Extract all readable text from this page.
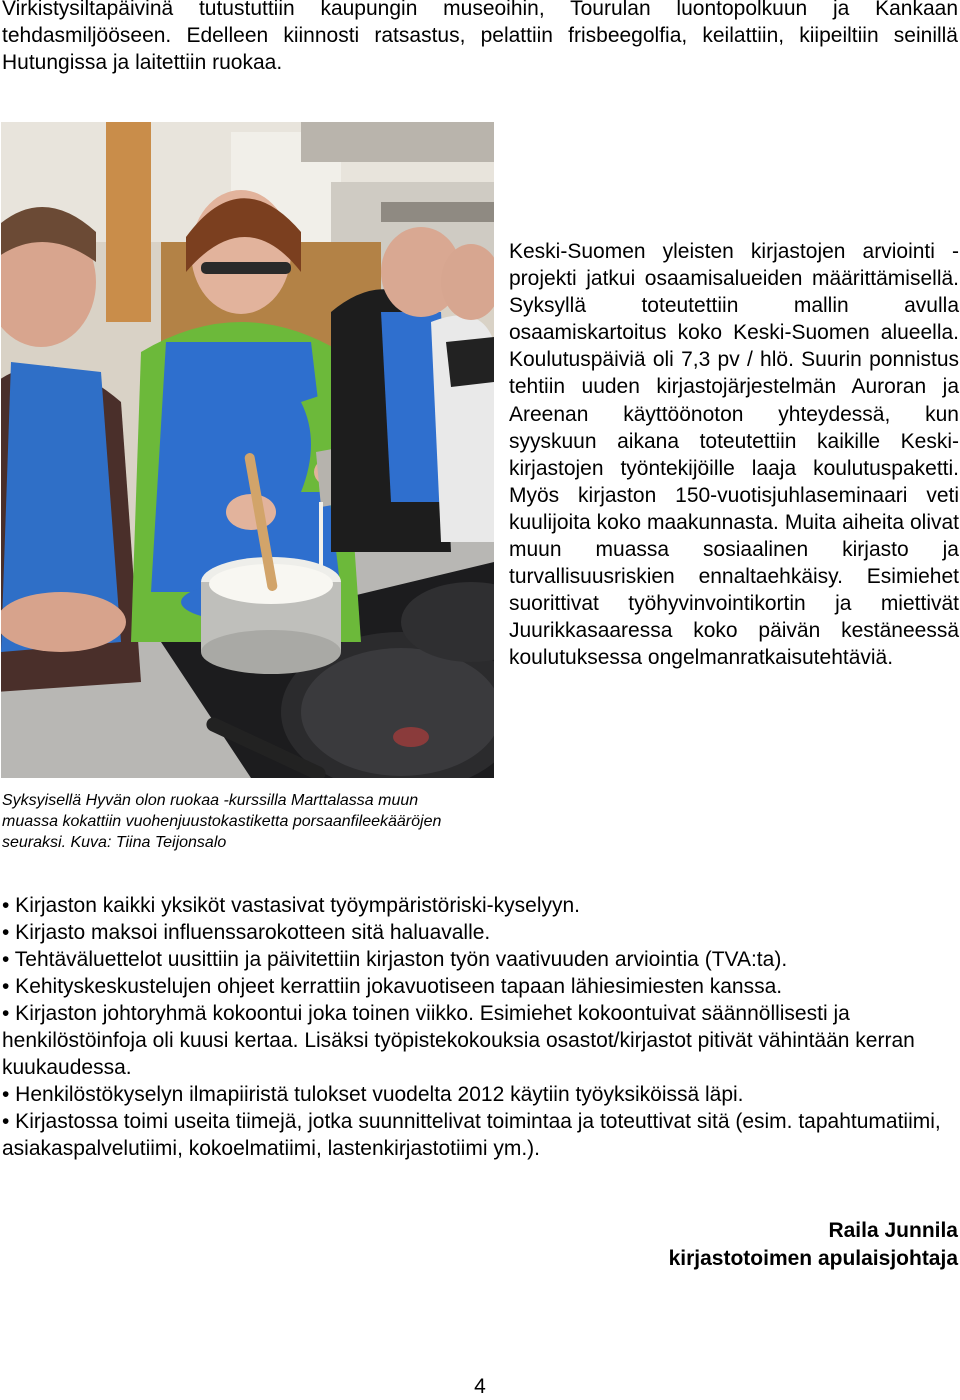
Virkistysiltapäivinä tutustuttiin kaupungin museoihin, Tourulan luontopolkuun ja Kankaan tehdasmiljööseen. Edelleen kiinnosti ratsastus, pelattiin frisbeegolfia, keilattiin, kiipeiltiin seinillä Hutungissa ja laitettiin ruokaa.

Keski-Suomen yleisten kirjastojen arviointi -projekti jatkui osaamisalueiden määrittämisellä. Syksyllä toteutettiin mallin avulla osaamiskartoitus koko Keski-Suomen alueella. Koulutuspäiviä oli 7,3 pv / hlö. Suurin ponnistus tehtiin uuden kirjastojärjestelmän Auroran ja Areenan käyttöönoton yhteydessä, kun syyskuun aikana toteutettiin kaikille Keski-kirjastojen työntekijöille laaja koulutuspaketti. Myös kirjaston 150-vuotisjuhlaseminaari veti kuulijoita koko maakunnasta. Muita aiheita olivat muun muassa sosiaalinen kirjasto ja turvallisuusriskien ennaltaehkäisy. Esimiehet suorittivat työhyvinvointikortin ja miettivät Juurikkasaaressa koko päivän kestäneessä koulutuksessa ongelmanratkaisutehtäviä.

Syksyisellä Hyvän olon ruokaa -kurssilla Marttalassa muun muassa kokattiin vuohenjuustokastiketta porsaanfileekääröjen seuraksi. Kuva: Tiina Teijonsalo

• Kirjaston kaikki yksiköt vastasivat työympäristöriski-kyselyyn.
• Kirjasto maksoi influenssarokotteen sitä haluavalle.
• Tehtäväluettelot uusittiin ja päivitettiin kirjaston työn vaativuuden arviointia (TVA:ta).
• Kehityskeskustelujen ohjeet kerrattiin jokavuotiseen tapaan lähiesimiesten kanssa.
• Kirjaston johtoryhmä kokoontui joka toinen viikko. Esimiehet kokoontuivat säännöllisesti ja henkilöstöinfoja oli kuusi kertaa. Lisäksi työpistekokouksia osastot/kirjastot pitivät vähintään kerran kuukaudessa.
• Henkilöstökyselyn ilmapiiristä tulokset vuodelta 2012 käytiin työyksiköissä läpi.
• Kirjastossa toimi useita tiimejä, jotka suunnittelivat toimintaa ja toteuttivat sitä (esim. tapahtumatiimi, asiakaspalvelutiimi, kokoelmatiimi, lastenkirjastotiimi ym.).
Raila Junnila
kirjastotoimen apulaisjohtaja
4
